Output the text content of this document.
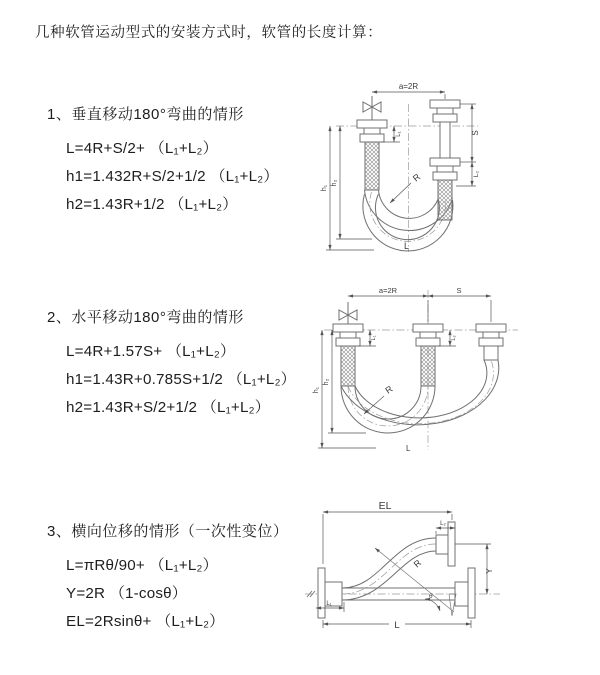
几种软管运动型式的安装方式时，软管的长度计算：
1、垂直移动180°弯曲的情形
L=4R+S/2+ （L₁+L₂）
h1=1.432R+S/2+1/2 （L₁+L₂）
h2=1.43R+1/2 （L₁+L₂）
a=2R
S
L₂
h₁
h₂
L₁
R
L
2、水平移动180°弯曲的情形
L=4R+1.57S+ （L₁+L₂）
h1=1.43R+0.785S+1/2 （L₁+L₂）
h2=1.43R+S/2+1/2 （L₁+L₂）
a=2R	S
h₁
h₂
L₁	L₂
R
L
3、横向位移的情形（一次性变位）
L=πRθ/90+ （L₁+L₂）
Y=2R （1-cosθ）
EL=2Rsinθ+ （L₁+L₂）
EL
L₂
Y
R
θ
L
L₁
